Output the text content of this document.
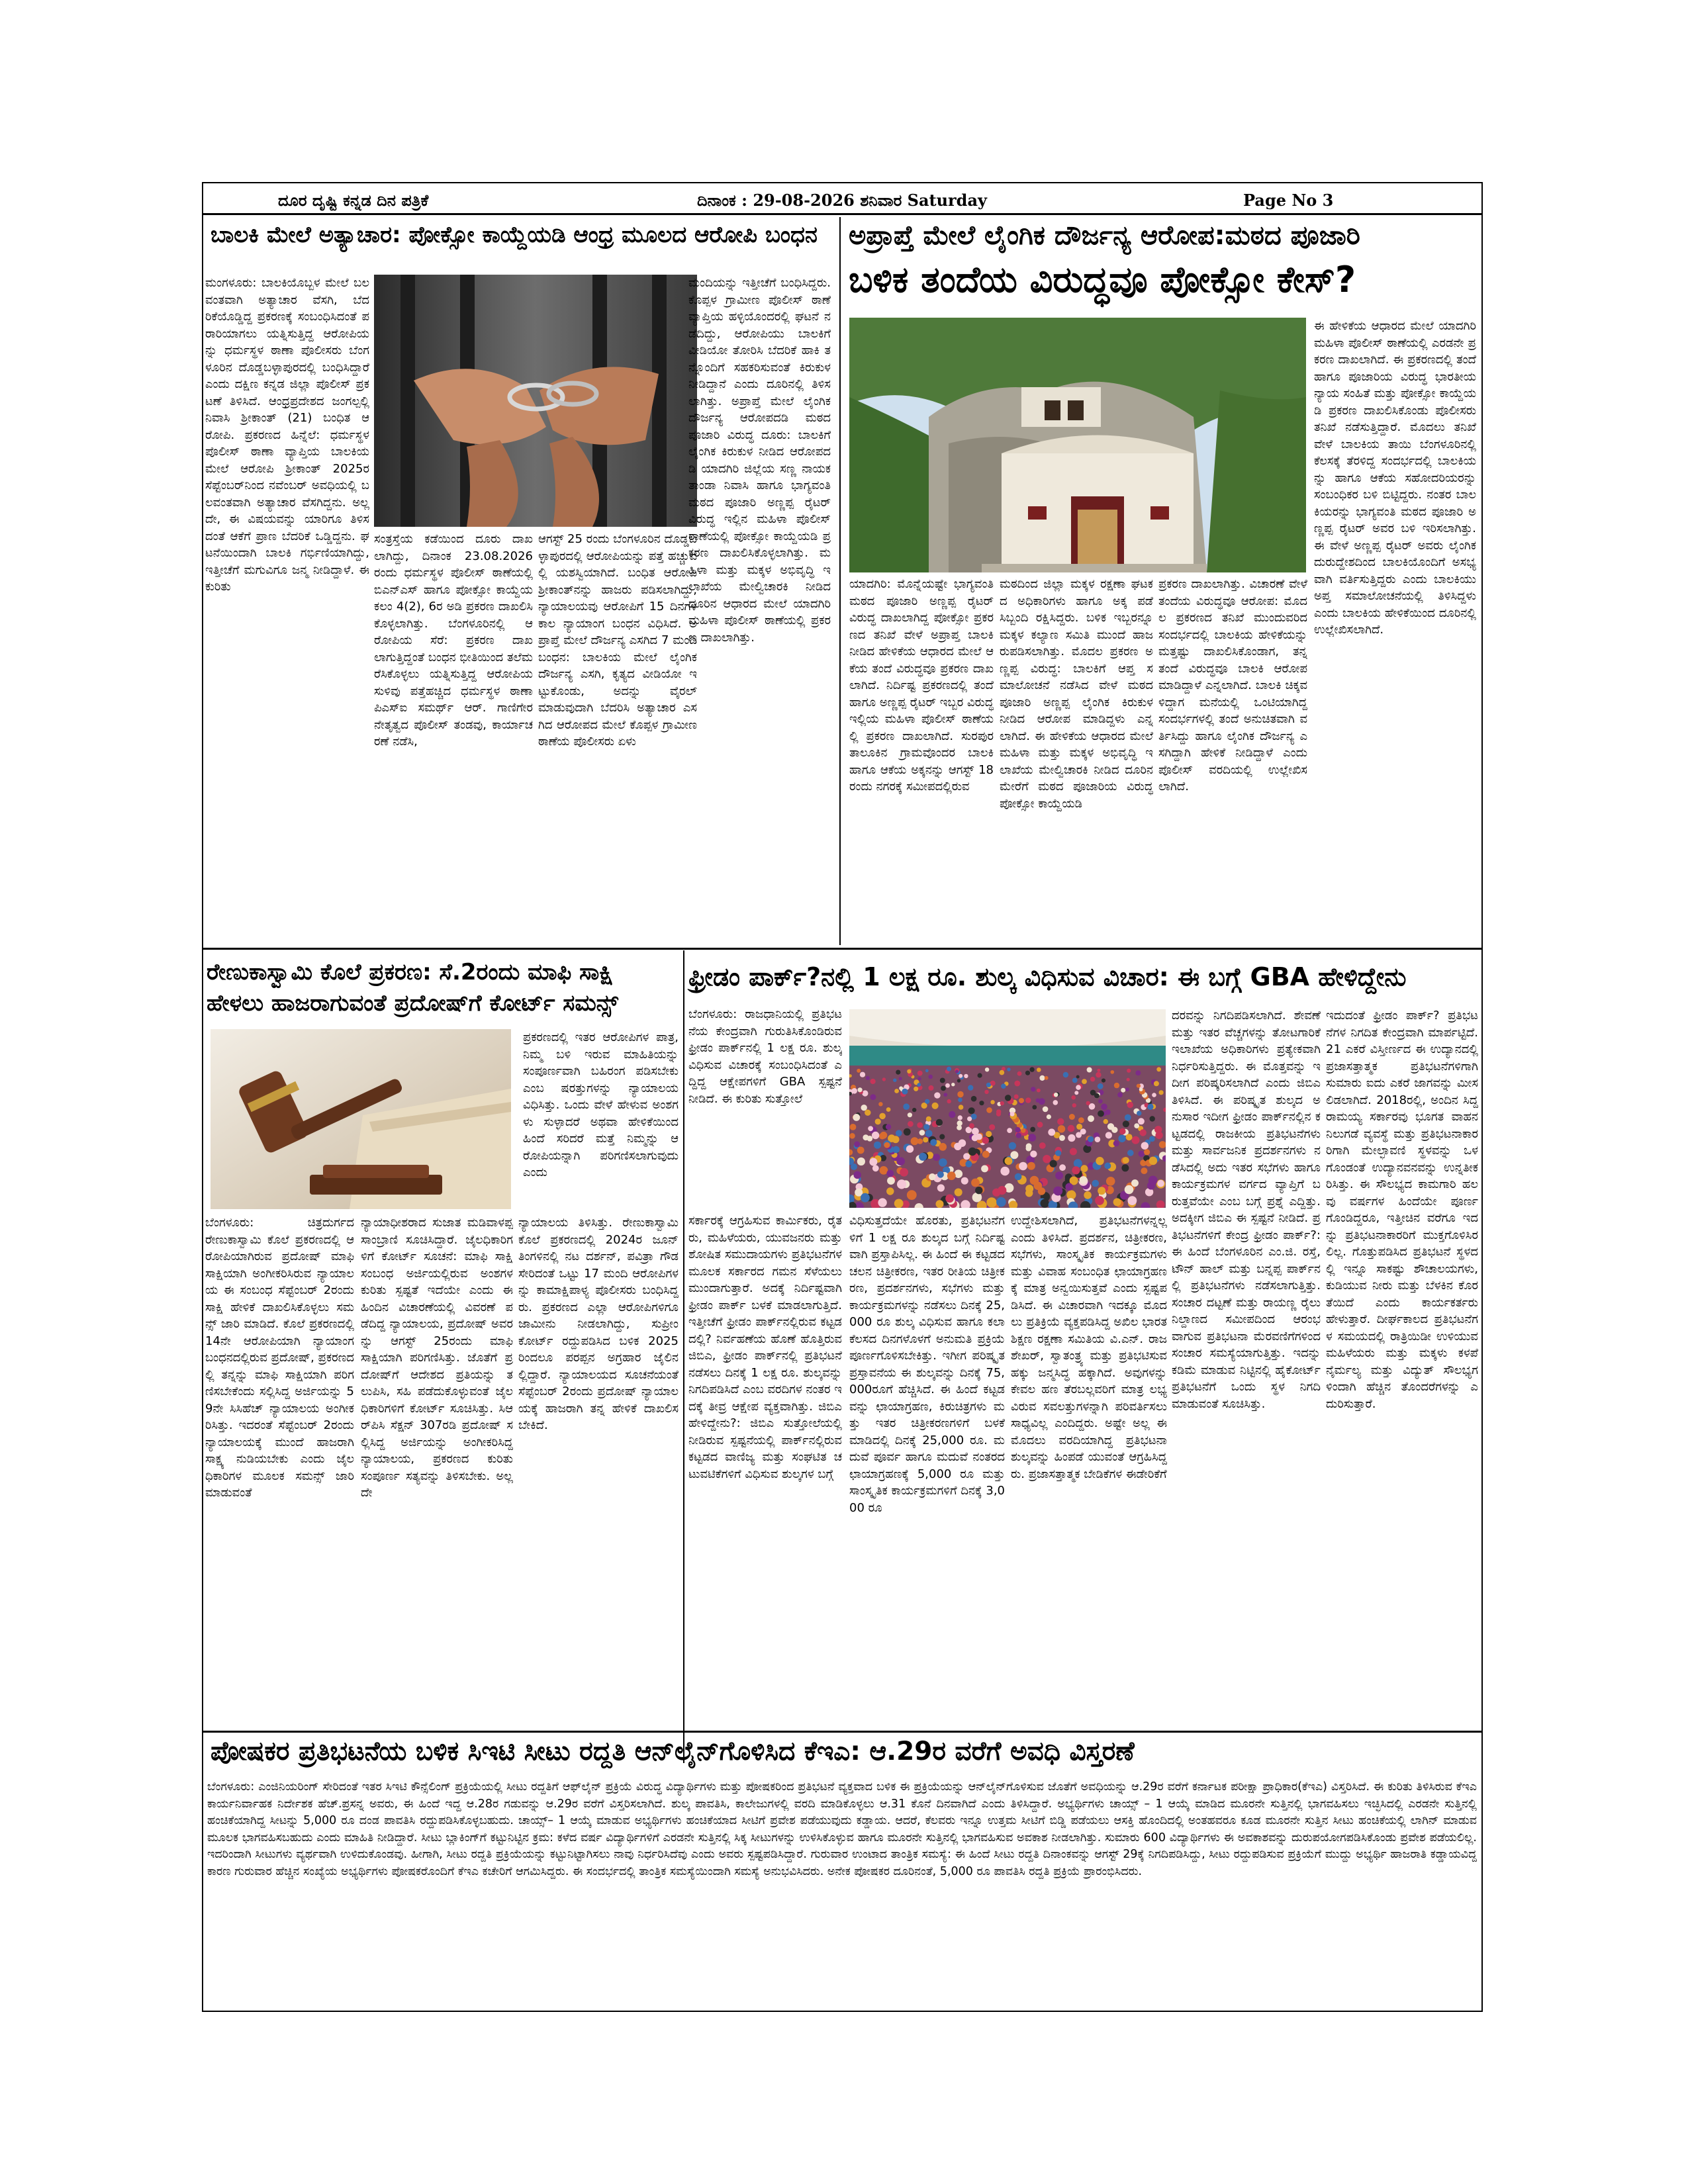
ದೂರ ದೃಷ್ಟಿ ಕನ್ನಡ ದಿನ ಪತ್ರಿಕೆ	ದಿನಾಂಕ : 29-08-2026 ಶನಿವಾರ Saturday	Page No 3
ಬಾಲಕಿ ಮೇಲೆ ಅತ್ಯಾಚಾರ: ಪೋಕ್ಸೋ ಕಾಯ್ದೆಯಡಿ ಆಂಧ್ರ ಮೂಲದ ಆರೋಪಿ ಬಂಧನ
ಮಂಗಳೂರು: ಬಾಲಕಿಯೊಬ್ಬಳ ಮೇಲೆ ಬಲವಂತವಾಗಿ ಅತ್ಯಾಚಾರ ವೆಸಗಿ, ಬೆದರಿಕೆಯೊಡ್ಡಿದ್ದ ಪ್ರಕರಣಕ್ಕೆ ಸಂಬಂಧಿಸಿದಂತೆ ಪರಾರಿಯಾಗಲು ಯತ್ನಿಸುತ್ತಿದ್ದ ಆರೋಪಿಯನ್ನು ಧರ್ಮಸ್ಥಳ ಠಾಣಾ ಪೊಲೀಸರು ಬೆಂಗಳೂರಿನ ದೊಡ್ಡಬಳ್ಳಾಪುರದಲ್ಲಿ ಬಂಧಿಸಿದ್ದಾರೆ ಎಂದು ದಕ್ಷಿಣ ಕನ್ನಡ ಜಿಲ್ಲಾ ಪೊಲೀಸ್ ಪ್ರಕಟಣೆ ತಿಳಿಸಿದೆ. ಆಂಧ್ರಪ್ರದೇಶದ ಜಂಗಲ್ಪಲ್ಲಿ ನಿವಾಸಿ ಶ್ರೀಕಾಂತ್ (21) ಬಂಧಿತ ಆರೋಪಿ. ಪ್ರಕರಣದ ಹಿನ್ನೆಲೆ: ಧರ್ಮಸ್ಥಳ ಪೊಲೀಸ್ ಠಾಣಾ ವ್ಯಾಪ್ತಿಯ ಬಾಲಕಿಯ ಮೇಲೆ ಆರೋಪಿ ಶ್ರೀಕಾಂತ್ 2025ರ ಸೆಪ್ಟೆಂಬರ್‌ನಿಂದ ನವೆಂಬರ್ ಅವಧಿಯಲ್ಲಿ ಬಲವಂತವಾಗಿ ಅತ್ಯಾಚಾರ ವೆಸಗಿದ್ದನು. ಅಲ್ಲದೇ, ಈ ವಿಷಯವನ್ನು ಯಾರಿಗೂ ತಿಳಿಸದಂತೆ ಆಕೆಗೆ ಪ್ರಾಣ ಬೆದರಿಕೆ ಒಡ್ಡಿದ್ದನು. ಘಟನೆಯಿಂದಾಗಿ ಬಾಲಕಿ ಗರ್ಭಿಣಿಯಾಗಿದ್ದು, ಇತ್ತೀಚೆಗೆ ಮಗುವಿಗೂ ಜನ್ಮ ನೀಡಿದ್ದಾಳೆ. ಈ ಕುರಿತು
ಸಂತ್ರಸ್ತೆಯ ಕಡೆಯಿಂದ ದೂರು ದಾಖಲಾಗಿದ್ದು, ದಿನಾಂಕ 23.08.2026 ರಂದು ಧರ್ಮಸ್ಥಳ ಪೊಲೀಸ್ ಠಾಣೆಯಲ್ಲಿ ಬಿಎನ್‌ಎಸ್ ಹಾಗೂ ಪೋಕ್ಸೋ ಕಾಯ್ದೆಯ ಕಲಂ 4(2), 6ರ ಅಡಿ ಪ್ರಕರಣ ದಾಖಲಿಸಿ ಕೊಳ್ಳಲಾಗಿತ್ತು. ಬೆಂಗಳೂರಿನಲ್ಲಿ ಆರೋಪಿಯ ಸೆರೆ: ಪ್ರಕರಣ ದಾಖಲಾಗುತ್ತಿದ್ದಂತೆ ಬಂಧನ ಭೀತಿಯಿಂದ ತಲೆಮರೆಸಿಕೊಳ್ಳಲು ಯತ್ನಿಸುತ್ತಿದ್ದ ಆರೋಪಿಯ ಸುಳಿವು ಪತ್ತೆಹಚ್ಚಿದ ಧರ್ಮಸ್ಥಳ ಠಾಣಾ ಪಿಎಸ್ಐ ಸಮರ್ಥ್ ಆರ್. ಗಾಣಿಗೇರ ನೇತೃತ್ವದ ಪೊಲೀಸ್ ತಂಡವು, ಕಾರ್ಯಾಚರಣೆ ನಡೆಸಿ,
ಆಗಸ್ಟ್ 25 ರಂದು ಬೆಂಗಳೂರಿನ ದೊಡ್ಡಬಳ್ಳಾಪುರದಲ್ಲಿ ಆರೋಪಿಯನ್ನು ಪತ್ತೆ ಹಚ್ಚುವಲ್ಲಿ ಯಶಸ್ವಿಯಾಗಿದೆ. ಬಂಧಿತ ಆರೋಪಿ ಶ್ರೀಕಾಂತ್‌ನನ್ನು ಹಾಜರು ಪಡಿಸಲಾಗಿದ್ದು, ನ್ಯಾಯಾಲಯವು ಆರೋಪಿಗೆ 15 ದಿನಗಳ ಕಾಲ ನ್ಯಾಯಾಂಗ ಬಂಧನ ವಿಧಿಸಿದೆ. ಅಪ್ರಾಪ್ತೆ ಮೇಲೆ ದೌರ್ಜನ್ಯ ಎಸಗಿದ 7 ಮಂದಿ ಬಂಧನ: ಬಾಲಕಿಯ ಮೇಲೆ ಲೈಂಗಿಕ ದೌರ್ಜನ್ಯ ಎಸಗಿ, ಕೃತ್ಯದ ವೀಡಿಯೋ ಇಟ್ಟುಕೊಂಡು, ಅದನ್ನು ವೈರಲ್ ಮಾಡುವುದಾಗಿ ಬೆದರಿಸಿ ಅತ್ಯಾಚಾರ ಎಸಗಿದ ಆರೋಪದ ಮೇಲೆ ಕೊಪ್ಪಳ ಗ್ರಾಮೀಣ ಠಾಣೆಯ ಪೊಲೀಸರು ಏಳು
ಮಂದಿಯನ್ನು ಇತ್ತೀಚೆಗೆ ಬಂಧಿಸಿದ್ದರು. ಕೊಪ್ಪಳ ಗ್ರಾಮೀಣ ಪೊಲೀಸ್ ಠಾಣೆ ವ್ಯಾಪ್ತಿಯ ಹಳ್ಳಿಯೊಂದರಲ್ಲಿ ಘಟನೆ ನಡೆದಿದ್ದು, ಆರೋಪಿಯು ಬಾಲಕಿಗೆ ವೀಡಿಯೋ ತೋರಿಸಿ ಬೆದರಿಕೆ ಹಾಕಿ ತನ್ನೊಂದಿಗೆ ಸಹಕರಿಸುವಂತೆ ಕಿರುಕುಳ ನೀಡಿದ್ದಾನೆ ಎಂದು ದೂರಿನಲ್ಲಿ ತಿಳಿಸಲಾಗಿತ್ತು. ಅಪ್ರಾಪ್ತೆ ಮೇಲೆ ಲೈಂಗಿಕ ದೌರ್ಜನ್ಯ ಆರೋಪದಡಿ ಮಠದ ಪೂಜಾರಿ ವಿರುದ್ಧ ದೂರು: ಬಾಲಕಿಗೆ ಲೈಂಗಿಕ ಕಿರುಕುಳ ನೀಡಿದ ಆರೋಪದಡಿ ಯಾದಗಿರಿ ಜಿಲ್ಲೆಯ ಸಣ್ಣ ನಾಯಕ ತಾಂಡಾ ನಿವಾಸಿ ಹಾಗೂ ಭಾಗ್ಯವಂತಿ ಮಠದ ಪೂಜಾರಿ ಅಣ್ಣಪ್ಪ ರೈಟರ್ ವಿರುದ್ಧ ಇಲ್ಲಿನ ಮಹಿಳಾ ಪೊಲೀಸ್ ಠಾಣೆಯಲ್ಲಿ ಪೋಕ್ಸೋ ಕಾಯ್ದೆಯಡಿ ಪ್ರಕರಣ ದಾಖಲಿಸಿಕೊಳ್ಳಲಾಗಿತ್ತು. ಮಹಿಳಾ ಮತ್ತು ಮಕ್ಕಳ ಅಭಿವೃದ್ಧಿ ಇಲಾಖೆಯ ಮೇಲ್ವಿಚಾರಕಿ ನೀಡಿದ ದೂರಿನ ಆಧಾರದ ಮೇಲೆ ಯಾದಗಿರಿ ಮಹಿಳಾ ಪೊಲೀಸ್ ಠಾಣೆಯಲ್ಲಿ ಪ್ರಕರಣ ದಾಖಲಾಗಿತ್ತು.
ಅಪ್ರಾಪ್ತೆ ಮೇಲೆ ಲೈಂಗಿಕ ದೌರ್ಜನ್ಯ ಆರೋಪ:ಮಠದ ಪೂಜಾರಿ
ಬಳಿಕ ತಂದೆಯ ವಿರುದ್ಧವೂ ಪೋಕ್ಸೋ ಕೇಸ್?
ಈ ಹೇಳಿಕೆಯ ಆಧಾರದ ಮೇಲೆ ಯಾದಗಿರಿ ಮಹಿಳಾ ಪೊಲೀಸ್ ಠಾಣೆಯಲ್ಲಿ ಎರಡನೇ ಪ್ರಕರಣ ದಾಖಲಾಗಿದೆ. ಈ ಪ್ರಕರಣದಲ್ಲಿ ತಂದೆ ಹಾಗೂ ಪೂಜಾರಿಯ ವಿರುದ್ಧ ಭಾರತೀಯ ನ್ಯಾಯ ಸಂಹಿತೆ ಮತ್ತು ಪೋಕ್ಸೋ ಕಾಯ್ದೆಯಡಿ ಪ್ರಕರಣ ದಾಖಲಿಸಿಕೊಂಡು ಪೊಲೀಸರು ತನಿಖೆ ನಡೆಸುತ್ತಿದ್ದಾರೆ. ಮೊದಲು ತನಿಖೆ ವೇಳೆ ಬಾಲಕಿಯ ತಾಯಿ ಬೆಂಗಳೂರಿನಲ್ಲಿ ಕೆಲಸಕ್ಕೆ ತೆರಳಿದ್ದ ಸಂದರ್ಭದಲ್ಲಿ ಬಾಲಕಿಯನ್ನು ಹಾಗೂ ಆಕೆಯ ಸಹೋದರಿಯರನ್ನು ಸಂಬಂಧಿಕರ ಬಳಿ ಬಿಟ್ಟಿದ್ದರು. ನಂತರ ಬಾಲಕಿಯರನ್ನು ಭಾಗ್ಯವಂತಿ ಮಠದ ಪೂಜಾರಿ ಅಣ್ಣಪ್ಪ ರೈಟರ್ ಅವರ ಬಳಿ ಇರಿಸಲಾಗಿತ್ತು. ಈ ವೇಳೆ ಅಣ್ಣಪ್ಪ ರೈಟರ್ ಅವರು ಲೈಂಗಿಕ ದುರುದ್ದೇಶದಿಂದ ಬಾಲಕಿಯೊಂದಿಗೆ ಅಸಭ್ಯವಾಗಿ ವರ್ತಿಸುತ್ತಿದ್ದರು ಎಂದು ಬಾಲಕಿಯು ಅಪ್ತ ಸಮಾಲೋಚನೆಯಲ್ಲಿ ತಿಳಿಸಿದ್ದಳು ಎಂದು ಬಾಲಕಿಯ ಹೇಳಿಕೆಯಿಂದ ದೂರಿನಲ್ಲಿ ಉಲ್ಲೇಖಿಸಲಾಗಿದೆ.
ಯಾದಗಿರಿ: ಮೊನ್ನೆಯಷ್ಟೇ ಭಾಗ್ಯವಂತಿ ಮಠದ ಪೂಜಾರಿ ಅಣ್ಣಪ್ಪ ರೈಟರ್ ವಿರುದ್ಧ ದಾಖಲಾಗಿದ್ದ ಪೋಕ್ಸೋ ಪ್ರಕರಣದ ತನಿಖೆ ವೇಳೆ ಅಪ್ರಾಪ್ತ ಬಾಲಕಿ ನೀಡಿದ ಹೇಳಿಕೆಯ ಆಧಾರದ ಮೇಲೆ ಆಕೆಯ ತಂದೆ ವಿರುದ್ಧವೂ ಪ್ರಕರಣ ದಾಖಲಾಗಿದೆ. ನಿರ್ದಿಷ್ಟ ಪ್ರಕರಣದಲ್ಲಿ ತಂದೆ ಹಾಗೂ ಅಣ್ಣಪ್ಪ ರೈಟರ್ ಇಬ್ಬರ ವಿರುದ್ಧ ಇಲ್ಲಿಯ ಮಹಿಳಾ ಪೊಲೀಸ್ ಠಾಣೆಯಲ್ಲಿ ಪ್ರಕರಣ ದಾಖಲಾಗಿದೆ. ಸುರಪುರ ತಾಲೂಕಿನ ಗ್ರಾಮವೊಂದರ ಬಾಲಕಿ ಹಾಗೂ ಆಕೆಯ ಅಕ್ಕನನ್ನು ಆಗಸ್ಟ್ 18ರಂದು ನಗರಕ್ಕೆ ಸಮೀಪದಲ್ಲಿರುವ
ಮಠದಿಂದ ಜಿಲ್ಲಾ ಮಕ್ಕಳ ರಕ್ಷಣಾ ಘಟಕದ ಅಧಿಕಾರಿಗಳು ಹಾಗೂ ಅಕ್ಕ ಪಡೆ ಸಿಬ್ಬಂದಿ ರಕ್ಷಿಸಿದ್ದರು. ಬಳಿಕ ಇಬ್ಬರನ್ನೂ ಮಕ್ಕಳ ಕಲ್ಯಾಣ ಸಮಿತಿ ಮುಂದೆ ಹಾಜರುಪಡಿಸಲಾಗಿತ್ತು. ಮೊದಲ ಪ್ರಕರಣ ಅಣ್ಣಪ್ಪ ವಿರುದ್ಧ: ಬಾಲಕಿಗೆ ಆಪ್ತ ಸಮಾಲೋಚನೆ ನಡೆಸಿದ ವೇಳೆ ಮಠದ ಪೂಜಾರಿ ಅಣ್ಣಪ್ಪ ಲೈಂಗಿಕ ಕಿರುಕುಳ ನೀಡಿದ ಆರೋಪ ಮಾಡಿದ್ದಳು ಎನ್ನಲಾಗಿದೆ. ಈ ಹೇಳಿಕೆಯ ಆಧಾರದ ಮೇಲೆ ಮಹಿಳಾ ಮತ್ತು ಮಕ್ಕಳ ಅಭಿವೃದ್ಧಿ ಇಲಾಖೆಯ ಮೇಲ್ವಿಚಾರಕಿ ನೀಡಿದ ದೂರಿನ ಮೇರೆಗೆ ಮಠದ ಪೂಜಾರಿಯ ವಿರುದ್ಧ ಪೋಕ್ಸೋ ಕಾಯ್ದೆಯಡಿ
ಪ್ರಕರಣ ದಾಖಲಾಗಿತ್ತು. ವಿಚಾರಣೆ ವೇಳೆ ತಂದೆಯ ವಿರುದ್ಧವೂ ಆರೋಪ: ಮೊದಲ ಪ್ರಕರಣದ ತನಿಖೆ ಮುಂದುವರಿದ ಸಂದರ್ಭದಲ್ಲಿ ಬಾಲಕಿಯ ಹೇಳಿಕೆಯನ್ನು ಮತ್ತಷ್ಟು ದಾಖಲಿಸಿಕೊಂಡಾಗ, ತನ್ನ ತಂದೆ ವಿರುದ್ಧವೂ ಬಾಲಕಿ ಆರೋಪ ಮಾಡಿದ್ದಾಳೆ ಎನ್ನಲಾಗಿದೆ. ಬಾಲಕಿ ಚಿಕ್ಕವಳಿದ್ದಾಗ ಮನೆಯಲ್ಲಿ ಒಂಟಿಯಾಗಿದ್ದ ಸಂದರ್ಭಗಳಲ್ಲಿ ತಂದೆ ಅನುಚಿತವಾಗಿ ವರ್ತಿಸಿದ್ದು ಹಾಗೂ ಲೈಂಗಿಕ ದೌರ್ಜನ್ಯ ಎಸಗಿದ್ದಾಗಿ ಹೇಳಿಕೆ ನೀಡಿದ್ದಾಳೆ ಎಂದು ಪೊಲೀಸ್ ವರದಿಯಲ್ಲಿ ಉಲ್ಲೇಖಿಸಲಾಗಿದೆ.
ರೇಣುಕಾಸ್ವಾಮಿ ಕೊಲೆ ಪ್ರಕರಣ: ಸೆ.2ರಂದು ಮಾಫಿ ಸಾಕ್ಷಿ
ಹೇಳಲು ಹಾಜರಾಗುವಂತೆ ಪ್ರದೋಷ್‌ಗೆ ಕೋರ್ಟ್ ಸಮನ್ಸ್
ಪ್ರಕರಣದಲ್ಲಿ ಇತರ ಆರೋಪಿಗಳ ಪಾತ್ರ, ನಿಮ್ಮ ಬಳಿ ಇರುವ ಮಾಹಿತಿಯನ್ನು ಸಂಪೂರ್ಣವಾಗಿ ಬಹಿರಂಗ ಪಡಿಸಬೇಕು ಎಂಬ ಷರತ್ತುಗಳನ್ನು ನ್ಯಾಯಾಲಯ ವಿಧಿಸಿತ್ತು. ಒಂದು ವೇಳೆ ಹೇಳುವ ಅಂಶಗಳು ಸುಳ್ಳಾದರೆ ಅಥವಾ ಹೇಳಿಕೆಯಿಂದ ಹಿಂದೆ ಸರಿದರೆ ಮತ್ತೆ ನಿಮ್ಮನ್ನು ಆರೋಪಿಯನ್ನಾಗಿ ಪರಿಗಣಿಸಲಾಗುವುದು ಎಂದು
ಬೆಂಗಳೂರು: ಚಿತ್ರದುರ್ಗದ ರೇಣುಕಾಸ್ವಾಮಿ ಕೊಲೆ ಪ್ರಕರಣದಲ್ಲಿ ಆರೋಪಿಯಾಗಿರುವ ಪ್ರದೋಷ್ ಮಾಫಿ ಸಾಕ್ಷಿಯಾಗಿ ಅಂಗೀಕರಿಸಿರುವ ನ್ಯಾಯಾಲಯ ಈ ಸಂಬಂಧ ಸೆಪ್ಟೆಂಬರ್ 2ರಂದು ಸಾಕ್ಷಿ ಹೇಳಿಕೆ ದಾಖಲಿಸಿಕೊಳ್ಳಲು ಸಮನ್ಸ್ ಜಾರಿ ಮಾಡಿದೆ. ಕೊಲೆ ಪ್ರಕರಣದಲ್ಲಿ 14ನೇ ಆರೋಪಿಯಾಗಿ ನ್ಯಾಯಾಂಗ ಬಂಧನದಲ್ಲಿರುವ ಪ್ರದೋಷ್, ಪ್ರಕರಣದಲ್ಲಿ ತನ್ನನ್ನು ಮಾಫಿ ಸಾಕ್ಷಿಯಾಗಿ ಪರಿಗಣಿಸಬೇಕೆಂದು ಸಲ್ಲಿಸಿದ್ದ ಅರ್ಜಿಯನ್ನು 59ನೇ ಸಿಸಿಹೆಚ್ ನ್ಯಾಯಾಲಯ ಅಂಗೀಕರಿಸಿತ್ತು. ಇದರಂತೆ ಸೆಪ್ಟೆಂಬರ್ 2ರಂದು ನ್ಯಾಯಾಲಯಕ್ಕೆ ಮುಂದೆ ಹಾಜರಾಗಿ ಸಾಕ್ಷ್ಯ ನುಡಿಯಬೇಕು ಎಂದು ಜೈಲಧಿಕಾರಿಗಳ ಮೂಲಕ ಸಮನ್ಸ್ ಜಾರಿ ಮಾಡುವಂತೆ
ನ್ಯಾಯಾಧೀಶರಾದ ಸುಜಾತ ಮಡಿವಾಳಪ್ಪ ಸಾಂಬ್ರಾಣಿ ಸೂಚಿಸಿದ್ದಾರೆ. ಜೈಲಧಿಕಾರಿಗಳಿಗೆ ಕೋರ್ಟ್ ಸೂಚನೆ: ಮಾಫಿ ಸಾಕ್ಷಿ ಸಂಬಂಧ ಅರ್ಜಿಯಲ್ಲಿರುವ ಅಂಶಗಳ ಕುರಿತು ಸ್ಪಷ್ಟತೆ ಇದೆಯೇ ಎಂದು ಈ ಹಿಂದಿನ ವಿಚಾರಣೆಯಲ್ಲಿ ವಿವರಣೆ ಪಡೆದಿದ್ದ ನ್ಯಾಯಾಲಯ, ಪ್ರದೋಷ್ ಅವರನ್ನು ಆಗಸ್ಟ್ 25ರಂದು ಮಾಫಿ ಸಾಕ್ಷಿಯಾಗಿ ಪರಿಗಣಿಸಿತ್ತು. ಜೊತೆಗೆ ಪ್ರದೋಷ್‌ಗೆ ಆದೇಶದ ಪ್ರತಿಯನ್ನು ತಲುಪಿಸಿ, ಸಹಿ ಪಡೆದುಕೊಳ್ಳುವಂತೆ ಜೈಲಧಿಕಾರಿಗಳಿಗೆ ಕೋರ್ಟ್ ಸೂಚಿಸಿತ್ತು. ಸಿಆರ್‌ಪಿಸಿ ಸೆಕ್ಷನ್ 307ರಡಿ ಪ್ರದೋಷ್ ಸಲ್ಲಿಸಿದ್ದ ಅರ್ಜಿಯನ್ನು ಅಂಗೀಕರಿಸಿದ್ದ ನ್ಯಾಯಾಲಯ, ಪ್ರಕರಣದ ಕುರಿತು ಸಂಪೂರ್ಣ ಸತ್ಯವನ್ನು ತಿಳಿಸಬೇಕು. ಅಲ್ಲದೇ
ನ್ಯಾಯಾಲಯ ತಿಳಿಸಿತ್ತು. ರೇಣುಕಾಸ್ವಾಮಿ ಕೊಲೆ ಪ್ರಕರಣದಲ್ಲಿ 2024ರ ಜೂನ್ ತಿಂಗಳಿನಲ್ಲಿ ನಟ ದರ್ಶನ್, ಪವಿತ್ರಾ ಗೌಡ ಸೇರಿದಂತೆ ಒಟ್ಟು 17 ಮಂದಿ ಆರೋಪಿಗಳನ್ನು ಕಾಮಾಕ್ಷಿಪಾಳ್ಯ ಪೊಲೀಸರು ಬಂಧಿಸಿದ್ದರು. ಪ್ರಕರಣದ ಎಲ್ಲಾ ಆರೋಪಿಗಳಿಗೂ ಜಾಮೀನು ನೀಡಲಾಗಿದ್ದು, ಸುಪ್ರೀಂ ಕೋರ್ಟ್ ರದ್ದುಪಡಿಸಿದ ಬಳಿಕ 2025ರಿಂದಲೂ ಪರಪ್ಪನ ಅಗ್ರಹಾರ ಜೈಲಿನಲ್ಲಿದ್ದಾರೆ. ನ್ಯಾಯಾಲಯದ ಸೂಚನೆಯಂತೆ ಸೆಪ್ಟೆಂಬರ್ 2ರಂದು ಪ್ರದೋಷ್ ನ್ಯಾಯಾಲಯಕ್ಕೆ ಹಾಜರಾಗಿ ತನ್ನ ಹೇಳಿಕೆ ದಾಖಲಿಸಬೇಕಿದೆ.
ಫ್ರೀಡಂ ಪಾರ್ಕ್‌?ನಲ್ಲಿ 1 ಲಕ್ಷ ರೂ. ಶುಲ್ಕ ವಿಧಿಸುವ ವಿಚಾರ: ಈ ಬಗ್ಗೆ GBA ಹೇಳಿದ್ದೇನು
ಬೆಂಗಳೂರು: ರಾಜಧಾನಿಯಲ್ಲಿ ಪ್ರತಿಭಟನೆಯ ಕೇಂದ್ರವಾಗಿ ಗುರುತಿಸಿಕೊಂಡಿರುವ ಫ್ರೀಡಂ ಪಾರ್ಕ್‌ನಲ್ಲಿ 1 ಲಕ್ಷ ರೂ. ಶುಲ್ಕ ವಿಧಿಸುವ ವಿಚಾರಕ್ಕೆ ಸಂಬಂಧಿಸಿದಂತೆ ಎದ್ದಿದ್ದ ಆಕ್ಷೇಪಗಳಿಗೆ GBA ಸ್ಪಷ್ಟನೆ ನೀಡಿದೆ. ಈ ಕುರಿತು ಸುತ್ತೋಲೆ
ಸರ್ಕಾರಕ್ಕೆ ಆಗ್ರಹಿಸುವ ಕಾರ್ಮಿಕರು, ರೈತರು, ಮಹಿಳೆಯರು, ಯುವಜನರು ಮತ್ತು ಶೋಷಿತ ಸಮುದಾಯಗಳು ಪ್ರತಿಭಟನೆಗಳ ಮೂಲಕ ಸರ್ಕಾರದ ಗಮನ ಸೆಳೆಯಲು ಮುಂದಾಗುತ್ತಾರೆ. ಅದಕ್ಕೆ ನಿರ್ದಿಷ್ಟವಾಗಿ ಫ್ರೀಡಂ ಪಾರ್ಕ್ ಬಳಕೆ ಮಾಡಲಾಗುತ್ತಿದೆ. ಇತ್ತೀಚೆಗೆ ಫ್ರೀಡಂ ಪಾರ್ಕ್‌ನಲ್ಲಿರುವ ಕಟ್ಟಡದಲ್ಲಿ? ನಿರ್ವಹಣೆಯ ಹೊಣೆ ಹೊತ್ತಿರುವ ಜಿಬಿಎ, ಫ್ರೀಡಂ ಪಾರ್ಕ್‌ನಲ್ಲಿ ಪ್ರತಿಭಟನೆ ನಡೆಸಲು ದಿನಕ್ಕೆ 1 ಲಕ್ಷ ರೂ. ಶುಲ್ಕವನ್ನು ನಿಗದಿಪಡಿಸಿದೆ ಎಂಬ ವರದಿಗಳ ನಂತರ ಇದಕ್ಕೆ ತೀವ್ರ ಆಕ್ಷೇಪ ವ್ಯಕ್ತವಾಗಿತ್ತು. ಜಿಬಿಎ ಹೇಳಿದ್ದೇನು?: ಜಿಬಿಎ ಸುತ್ತೋಲೆಯಲ್ಲಿ ನೀಡಿರುವ ಸ್ಪಷ್ಟನೆಯಲ್ಲಿ ಪಾರ್ಕ್‌ನಲ್ಲಿರುವ ಕಟ್ಟಡದ ವಾಣಿಜ್ಯ ಮತ್ತು ಸಂಘಟಿತ ಚಟುವಟಿಕೆಗಳಿಗೆ ವಿಧಿಸುವ ಶುಲ್ಕಗಳ ಬಗ್ಗೆ
ವಿಧಿಸುತ್ತದೆಯೇ ಹೊರತು, ಪ್ರತಿಭಟನೆಗಳಿಗೆ 1 ಲಕ್ಷ ರೂ ಶುಲ್ಕದ ಬಗ್ಗೆ ನಿರ್ದಿಷ್ಟವಾಗಿ ಪ್ರಸ್ತಾಪಿಸಿಲ್ಲ. ಈ ಹಿಂದೆ ಈ ಕಟ್ಟಡದ ಚಲನ ಚಿತ್ರೀಕರಣ, ಇತರ ರೀತಿಯ ಚಿತ್ರೀಕರಣ, ಪ್ರದರ್ಶನಗಳು, ಸಭೆಗಳು ಮತ್ತು ಕಾರ್ಯಕ್ರಮಗಳನ್ನು ನಡೆಸಲು ದಿನಕ್ಕೆ 25,000 ರೂ ಶುಲ್ಕ ವಿಧಿಸುವ ಹಾಗೂ ಕಲಾ ಕೆಲಸದ ದಿನಗಳೊಳಗೆ ಅನುಮತಿ ಪ್ರಕ್ರಿಯೆ ಪೂರ್ಣಗೊಳಿಸಬೇಕಿತ್ತು. ಇಗೀಗ ಪರಿಷ್ಕೃತ ಪ್ರಸ್ತಾವನೆಯ ಈ ಶುಲ್ಕವನ್ನು ದಿನಕ್ಕೆ 75,000ರೂಗೆ ಹೆಚ್ಚಿಸಿದೆ. ಈ ಹಿಂದೆ ಕಟ್ಟಡ ವನ್ನು ಛಾಯಾಗ್ರಹಣ, ಕಿರುಚಿತ್ರಗಳು ಮತ್ತು ಇತರ ಚಿತ್ರೀಕರಣಗಳಿಗೆ ಬಳಕೆ ಮಾಡಿದಲ್ಲಿ ದಿನಕ್ಕೆ 25,000 ರೂ. ಮದುವೆ ಪೂರ್ವ ಹಾಗೂ ಮದುವೆ ನಂತರದ ಛಾಯಾಗ್ರಹಣಕ್ಕೆ 5,000 ರೂ ಮತ್ತು ಸಾಂಸ್ಕೃತಿಕ ಕಾರ್ಯಕ್ರಮಗಳಿಗೆ ದಿನಕ್ಕೆ 3,000 ರೂ
ದರವನ್ನು ನಿಗದಿಪಡಿಸಲಾಗಿದೆ. ಶೇವಣೆ ಮತ್ತು ಇತರ ವೆಚ್ಚಗಳನ್ನು ತೋಟಗಾರಿಕೆ ಇಲಾಖೆಯ ಅಧಿಕಾರಿಗಳು ಪ್ರತ್ಯೇಕವಾಗಿ ನಿರ್ಧರಿಸುತ್ತಿದ್ದರು. ಈ ಮೊತ್ತವನ್ನು ಇದೀಗ ಪರಿಷ್ಕರಿಸಲಾಗಿದೆ ಎಂದು ಜಿಬಿಎ ತಿಳಿಸಿದೆ. ಈ ಪರಿಷ್ಕೃತ ಶುಲ್ಕದ ಅನುಸಾರ ಇದೀಗ ಫ್ರೀಡಂ ಪಾರ್ಕ್‌ನಲ್ಲಿನ ಕಟ್ಟಡದಲ್ಲಿ ರಾಜಕೀಯ ಪ್ರತಿಭಟನೆಗಳು ಮತ್ತು ಸಾರ್ವಜನಿಕ ಪ್ರದರ್ಶನಗಳು ನಡೆಸಿದಲ್ಲಿ ಅದು ಇತರ ಸಭೆಗಳು ಹಾಗೂ ಕಾರ್ಯಕ್ರಮಗಳ ವರ್ಗದ ವ್ಯಾಪ್ತಿಗೆ ಬರುತ್ತವೆಯೇ ಎಂಬ ಬಗ್ಗೆ ಪ್ರಶ್ನೆ ಎದ್ದಿತ್ತು. ಅದಕ್ಕೀಗ ಜಿಬಿಎ ಈ ಸ್ಪಷ್ಟನೆ ನೀಡಿದೆ. ಪ್ರತಿಭಟನೆಗಳಿಗೆ ಕೇಂದ್ರ ಫ್ರೀಡಂ ಪಾರ್ಕ್?: ಈ ಹಿಂದೆ ಬೆಂಗಳೂರಿನ ಎಂ.ಜಿ. ರಸ್ತೆ, ಟೌನ್ ಹಾಲ್ ಮತ್ತು ಬನ್ನಪ್ಪ ಪಾರ್ಕ್‌ನಲ್ಲಿ ಪ್ರತಿಭಟನೆಗಳು ನಡೆಸಲಾಗುತ್ತಿತ್ತು. ಸಂಚಾರ ದಟ್ಟಣೆ ಮತ್ತು ರಾಯಣ್ಣ ರೈಲು ನಿಲ್ದಾಣದ ಸಮೀಪದಿಂದ ಆರಂಭವಾಗುವ ಪ್ರತಿಭಟನಾ ಮೆರವಣಿಗೆಗಳಿಂದ ಸಂಚಾರ ಸಮಸ್ಯೆಯಾಗುತ್ತಿತ್ತು. ಇದನ್ನು ಕಡಿಮೆ ಮಾಡುವ ನಿಟ್ಟಿನಲ್ಲಿ ಹೈಕೋರ್ಟ್ ಪ್ರತಿಭಟನೆಗೆ ಒಂದು ಸ್ಥಳ ನಿಗದಿ ಮಾಡುವಂತೆ ಸೂಚಿಸಿತ್ತು.
ಇದುದಂತೆ ಫ್ರೀಡಂ ಪಾರ್ಕ್? ಪ್ರತಿಭಟನೆಗಳ ನಿಗದಿತ ಕೇಂದ್ರವಾಗಿ ಮಾರ್ಪಟ್ಟಿದೆ. 21 ಎಕರೆ ವಿಸ್ತೀರ್ಣದ ಈ ಉದ್ಯಾನದಲ್ಲಿ ಪ್ರಜಾಸತ್ತಾತ್ಮಕ ಪ್ರತಿಭಟನೆಗಳಿಗಾಗಿ ಸುಮಾರು ಐದು ಎಕರೆ ಜಾಗವನ್ನು ಮೀಸಲಿಡಲಾಗಿದೆ. 2018ರಲ್ಲಿ, ಅಂದಿನ ಸಿದ್ದರಾಮಯ್ಯ ಸರ್ಕಾರವು ಭೂಗತ ವಾಹನ ನಿಲುಗಡೆ ವ್ಯವಸ್ಥೆ ಮತ್ತು ಪ್ರತಿಭಟನಾಕಾರರಿಗಾಗಿ ಮೇಲ್ಛಾವಣಿ ಸ್ಥಳವನ್ನು ಒಳಗೊಂಡಂತೆ ಉದ್ಯಾನವನವನ್ನು ಉನ್ನತೀಕರಿಸಿತ್ತು. ಈ ಸೌಲಭ್ಯದ ಕಾಮಗಾರಿ ಹಲವು ವರ್ಷಗಳ ಹಿಂದೆಯೇ ಪೂರ್ಣಗೊಂಡಿದ್ದರೂ, ಇತ್ತೀಚಿನ ವರೆಗೂ ಇದನ್ನು ಪ್ರತಿಭಟನಾಕಾರರಿಗೆ ಮುಕ್ತಗೊಳಿಸಿರಲಿಲ್ಲ. ಗೊತ್ತುಪಡಿಸಿದ ಪ್ರತಿಭಟನೆ ಸ್ಥಳದಲ್ಲಿ ಇನ್ನೂ ಸಾಕಷ್ಟು ಶೌಚಾಲಯಗಳು, ಕುಡಿಯುವ ನೀರು ಮತ್ತು ಬೆಳಕಿನ ಕೊರತೆಯಿದೆ ಎಂದು ಕಾರ್ಯಕರ್ತರು ಹೇಳುತ್ತಾರೆ. ದೀರ್ಘಕಾಲದ ಪ್ರತಿಭಟನೆಗಳ ಸಮಯದಲ್ಲಿ ರಾತ್ರಿಯಿಡೀ ಉಳಿಯುವ ಮಹಿಳೆಯರು ಮತ್ತು ಮಕ್ಕಳು ಕಳಪೆ ನೈರ್ಮಲ್ಯ ಮತ್ತು ವಿದ್ಯುತ್ ಸೌಲಭ್ಯಗಳಿಂದಾಗಿ ಹೆಚ್ಚಿನ ತೊಂದರೆಗಳನ್ನು ಎದುರಿಸುತ್ತಾರೆ.
ಉದ್ದೇಶಿಸಲಾಗಿದೆ, ಪ್ರತಿಭಟನೆಗಳನ್ನಲ್ಲ ಎಂದು ತಿಳಿಸಿದೆ. ಪ್ರದರ್ಶನ, ಚಿತ್ರೀಕರಣ, ಸಭೆಗಳು, ಸಾಂಸ್ಕೃತಿಕ ಕಾರ್ಯಕ್ರಮಗಳು ಮತ್ತು ವಿವಾಹ ಸಂಬಂಧಿತ ಛಾಯಾಗ್ರಹಣಕ್ಕೆ ಮಾತ್ರ ಅನ್ವಯಿಸುತ್ತವೆ ಎಂದು ಸ್ಪಷ್ಟಪಡಿಸಿದೆ. ಈ ವಿಚಾರವಾಗಿ ಇದಕ್ಕೂ ಮೊದಲು ಪ್ರತಿಕ್ರಿಯೆ ವ್ಯಕ್ತಪಡಿಸಿದ್ದ ಅಖಿಲ ಭಾರತ ಶಿಕ್ಷಣ ರಕ್ಷಣಾ ಸಮಿತಿಯ ವಿ.ಎನ್. ರಾಜಶೇಖರ್, ಸ್ವಾತಂತ್ರ್ಯ ಮತ್ತು ಪ್ರತಿಭಟಿಸುವ ಹಕ್ಕು ಜನ್ಮಸಿದ್ಧ ಹಕ್ಕಾಗಿದೆ. ಅವುಗಳನ್ನು ಕೇವಲ ಹಣ ತೆರಬಲ್ಲವರಿಗೆ ಮಾತ್ರ ಲಭ್ಯವಿರುವ ಸವಲತ್ತುಗಳನ್ನಾಗಿ ಪರಿವರ್ತಿಸಲು ಸಾಧ್ಯವಿಲ್ಲ ಎಂದಿದ್ದರು. ಅಷ್ಟೇ ಅಲ್ಲ ಈ ಮೊದಲು ವರದಿಯಾಗಿದ್ದ ಪ್ರತಿಭಟನಾ ಶುಲ್ಕವನ್ನು ಹಿಂಪಡೆ ಯುವಂತೆ ಆಗ್ರಹಿಸಿದ್ದರು. ಪ್ರಜಾಸತ್ತಾತ್ಮಕ ಬೇಡಿಕೆಗಳ ಈಡೇರಿಕೆಗೆ
ಪೋಷಕರ ಪ್ರತಿಭಟನೆಯ ಬಳಿಕ ಸಿಇಟಿ ಸೀಟು ರದ್ದತಿ ಆನ್‌ಲೈನ್‌ಗೊಳಿಸಿದ ಕೆಇಎ: ಆ.29ರ ವರೆಗೆ ಅವಧಿ ವಿಸ್ತರಣೆ
ಬೆಂಗಳೂರು: ಎಂಜಿನಿಯರಿಂಗ್ ಸೇರಿದಂತೆ ಇತರ ಸಿಇಟಿ ಕೌನ್ಸೆಲಿಂಗ್ ಪ್ರಕ್ರಿಯೆಯಲ್ಲಿ ಸೀಟು ರದ್ದತಿಗೆ ಆಫ್‌ಲೈನ್ ಪ್ರಕ್ರಿಯೆ ವಿರುದ್ಧ ವಿದ್ಯಾರ್ಥಿಗಳು ಮತ್ತು ಪೋಷಕರಿಂದ ಪ್ರತಿಭಟನೆ ವ್ಯಕ್ತವಾದ ಬಳಿಕ ಈ ಪ್ರಕ್ರಿಯೆಯನ್ನು ಆನ್‌ಲೈನ್‌ಗೊಳಿಸುವ ಜೊತೆಗೆ ಅವಧಿಯನ್ನು ಆ.29ರ ವರೆಗೆ ಕರ್ನಾಟಕ ಪರೀಕ್ಷಾ ಪ್ರಾಧಿಕಾರ(ಕೆಇಎ) ವಿಸ್ತರಿಸಿದೆ. ಈ ಕುರಿತು ತಿಳಿಸಿರುವ ಕೆಇಎ ಕಾರ್ಯನಿರ್ವಾಹಕ ನಿರ್ದೇಶಕ ಹೆಚ್.ಪ್ರಸನ್ನ ಅವರು, ಈ ಹಿಂದೆ ಇದ್ದ ಆ.28ರ ಗಡುವನ್ನು ಆ.29ರ ವರೆಗೆ ವಿಸ್ತರಿಸಲಾಗಿದೆ. ಶುಲ್ಕ ಪಾವತಿಸಿ, ಕಾಲೇಜುಗಳಲ್ಲಿ ವರದಿ ಮಾಡಿಕೊಳ್ಳಲು ಆ.31 ಕೊನೆ ದಿನವಾಗಿದೆ ಎಂದು ತಿಳಿಸಿದ್ದಾರೆ. ಅಭ್ಯರ್ಥಿಗಳು ಚಾಯ್ಸ್ – 1 ಆಯ್ಕೆ ಮಾಡಿದ ಮೂರನೇ ಸುತ್ತಿನಲ್ಲಿ ಭಾಗವಹಿಸಲು ಇಚ್ಛಿಸಿದಲ್ಲಿ ಎರಡನೇ ಸುತ್ತಿನಲ್ಲಿ ಹಂಚಿಕೆಯಾಗಿದ್ದ ಸೀಟನ್ನು 5,000 ರೂ ದಂಡ ಪಾವತಿಸಿ ರದ್ದುಪಡಿಸಿಕೊಳ್ಳಬಹುದು. ಚಾಯ್ಸ್– 1 ಆಯ್ಕೆ ಮಾಡುವ ಅಭ್ಯರ್ಥಿಗಳು ಹಂಚಿಕೆಯಾದ ಸೀಟಿಗೆ ಪ್ರವೇಶ ಪಡೆಯುವುದು ಕಡ್ಡಾಯ. ಆದರೆ, ಕೆಲವರು ಇನ್ನೂ ಉತ್ತಮ ಸೀಟಿಗೆ ಬಿಡ್ಡಿ ಪಡೆಯಲು ಆಸಕ್ತಿ ಹೊಂದಿದಲ್ಲಿ ಅಂತಹವರೂ ಕೂಡ ಮೂರನೇ ಸುತ್ತಿನ ಸೀಟು ಹಂಚಿಕೆಯಲ್ಲಿ ಲಾಗಿನ್ ಮಾಡುವ ಮೂಲಕ ಭಾಗವಹಿಸಬಹುದು ಎಂದು ಮಾಹಿತಿ ನೀಡಿದ್ದಾರೆ. ಸೀಟು ಬ್ಲಾಕಿಂಗ್‌ಗೆ ಕಟ್ಟುನಿಟ್ಟಿನ ಕ್ರಮ: ಕಳೆದ ವರ್ಷ ವಿದ್ಯಾರ್ಥಿಗಳಿಗೆ ಎರಡನೇ ಸುತ್ತಿನಲ್ಲಿ ಸಿಕ್ಕ ಸೀಟುಗಳನ್ನು ಉಳಿಸಿಕೊಳ್ಳುವ ಹಾಗೂ ಮೂರನೇ ಸುತ್ತಿನಲ್ಲಿ ಭಾಗವಹಿಸುವ ಅವಕಾಶ ನೀಡಲಾಗಿತ್ತು. ಸುಮಾರು 600 ವಿದ್ಯಾರ್ಥಿಗಳು ಈ ಅವಕಾಶವನ್ನು ದುರುಪಯೋಗಪಡಿಸಿಕೊಂಡು ಪ್ರವೇಶ ಪಡೆಯಲಿಲ್ಲ. ಇದರಿಂದಾಗಿ ಸೀಟುಗಳು ವ್ಯರ್ಥವಾಗಿ ಉಳಿದುಕೊಂಡವು. ಹೀಗಾಗಿ, ಸೀಟು ರದ್ದತಿ ಪ್ರಕ್ರಿಯೆಯನ್ನು ಕಟ್ಟುನಿಟ್ಟಾಗಿಸಲು ನಾವು ನಿರ್ಧರಿಸಿದೆವು ಎಂದು ಅವರು ಸ್ಪಷ್ಟಪಡಿಸಿದ್ದಾರೆ. ಗುರುವಾರ ಉಂಟಾದ ತಾಂತ್ರಿಕ ಸಮಸ್ಯೆ: ಈ ಹಿಂದೆ ಸೀಟು ರದ್ದತಿ ದಿನಾಂಕವನ್ನು ಆಗಸ್ಟ್ 29ಕ್ಕೆ ನಿಗದಿಪಡಿಸಿದ್ದು, ಸೀಟು ರದ್ದುಪಡಿಸುವ ಪ್ರಕ್ರಿಯೆಗೆ ಮುದ್ದು ಅಭ್ಯರ್ಥಿ ಹಾಜರಾತಿ ಕಡ್ಡಾಯವಿದ್ದ ಕಾರಣ ಗುರುವಾರ ಹೆಚ್ಚಿನ ಸಂಖ್ಯೆಯ ಅಭ್ಯರ್ಥಿಗಳು ಪೋಷಕರೊಂದಿಗೆ ಕೆಇಎ ಕಚೇರಿಗೆ ಆಗಮಿಸಿದ್ದರು. ಈ ಸಂದರ್ಭದಲ್ಲಿ ತಾಂತ್ರಿಕ ಸಮಸ್ಯೆಯಿಂದಾಗಿ ಸಮಸ್ಯೆ ಅನುಭವಿಸಿದರು. ಅನೇಕ ಪೋಷಕರ ದೂರಿನಂತೆ, 5,000 ರೂ ಪಾವತಿಸಿ ರದ್ದತಿ ಪ್ರಕ್ರಿಯೆ ಪ್ರಾರಂಭಿಸಿದರು.
